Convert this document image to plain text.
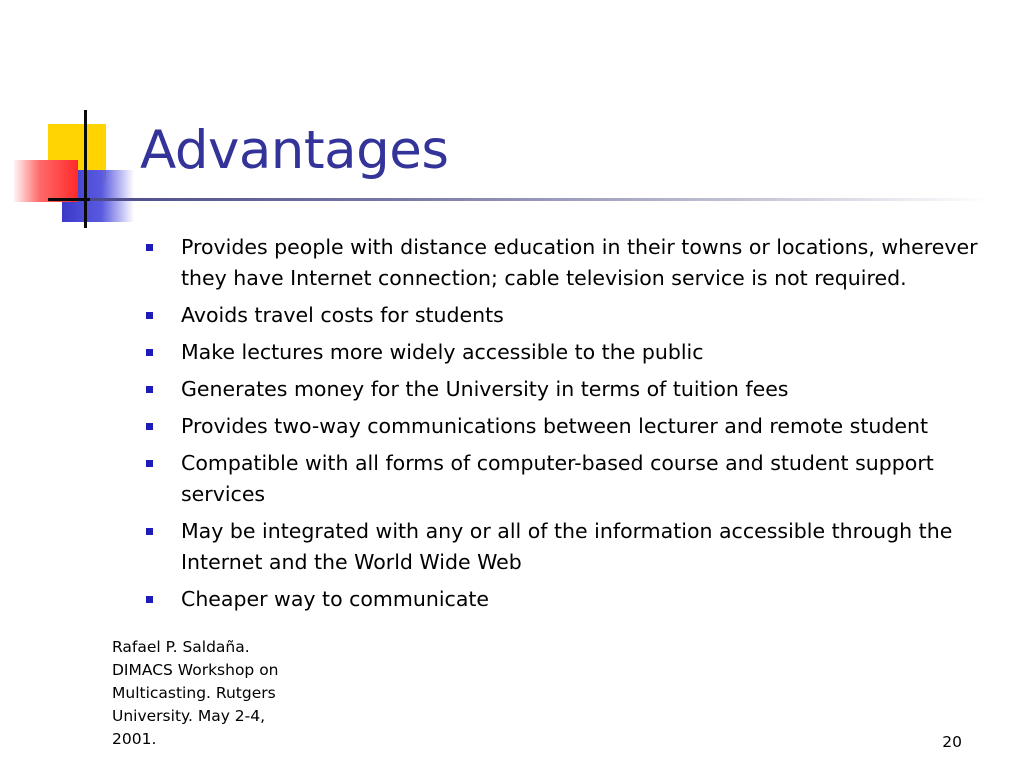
Advantages
Provides people with distance education in their towns or locations, wherever they have Internet connection; cable television service is not required.
Avoids travel costs for students
Make lectures more widely accessible to the public
Generates money for the University in terms of tuition fees
Provides two-way communications between lecturer and remote student
Compatible with all forms of computer-based course and student support services
May be integrated with any or all of the information accessible through the Internet and the World Wide Web
Cheaper way to communicate
Rafael P. Saldaña.
DIMACS Workshop on
Multicasting. Rutgers
University. May 2-4,
2001.	20
